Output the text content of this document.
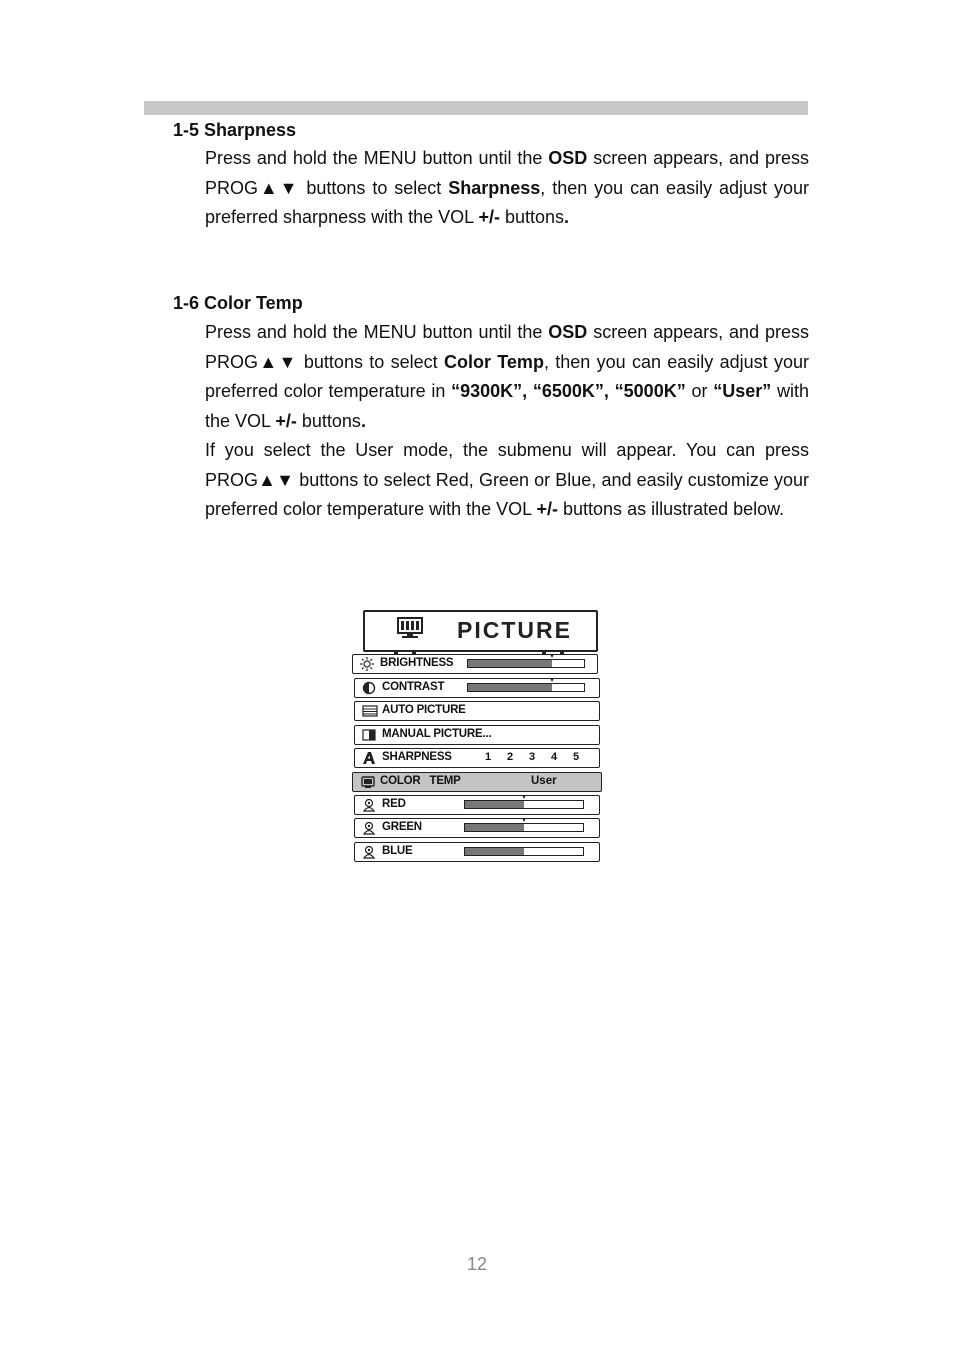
1-5 Sharpness

Press and hold the MENU button until the OSD screen appears, and press PROG▲▼ buttons to select Sharpness, then you can easily adjust your preferred sharpness with the VOL +/- buttons.

1-6 Color Temp

Press and hold the MENU button until the OSD screen appears, and press PROG▲▼ buttons to select Color Temp, then you can easily adjust your preferred color temperature in “9300K”, “6500K”, “5000K” or “User” with the VOL +/- buttons.
If you select the User mode, the submenu will appear. You can press PROG▲▼ buttons to select Red, Green or Blue, and easily customize your preferred color temperature with the VOL +/- buttons as illustrated below.

PICTURE
BRIGHTNESS
CONTRAST
AUTO PICTURE
MANUAL PICTURE...
SHARPNESS	1 2 3 4 5
COLOR   TEMP	User
RED
GREEN
BLUE
12
